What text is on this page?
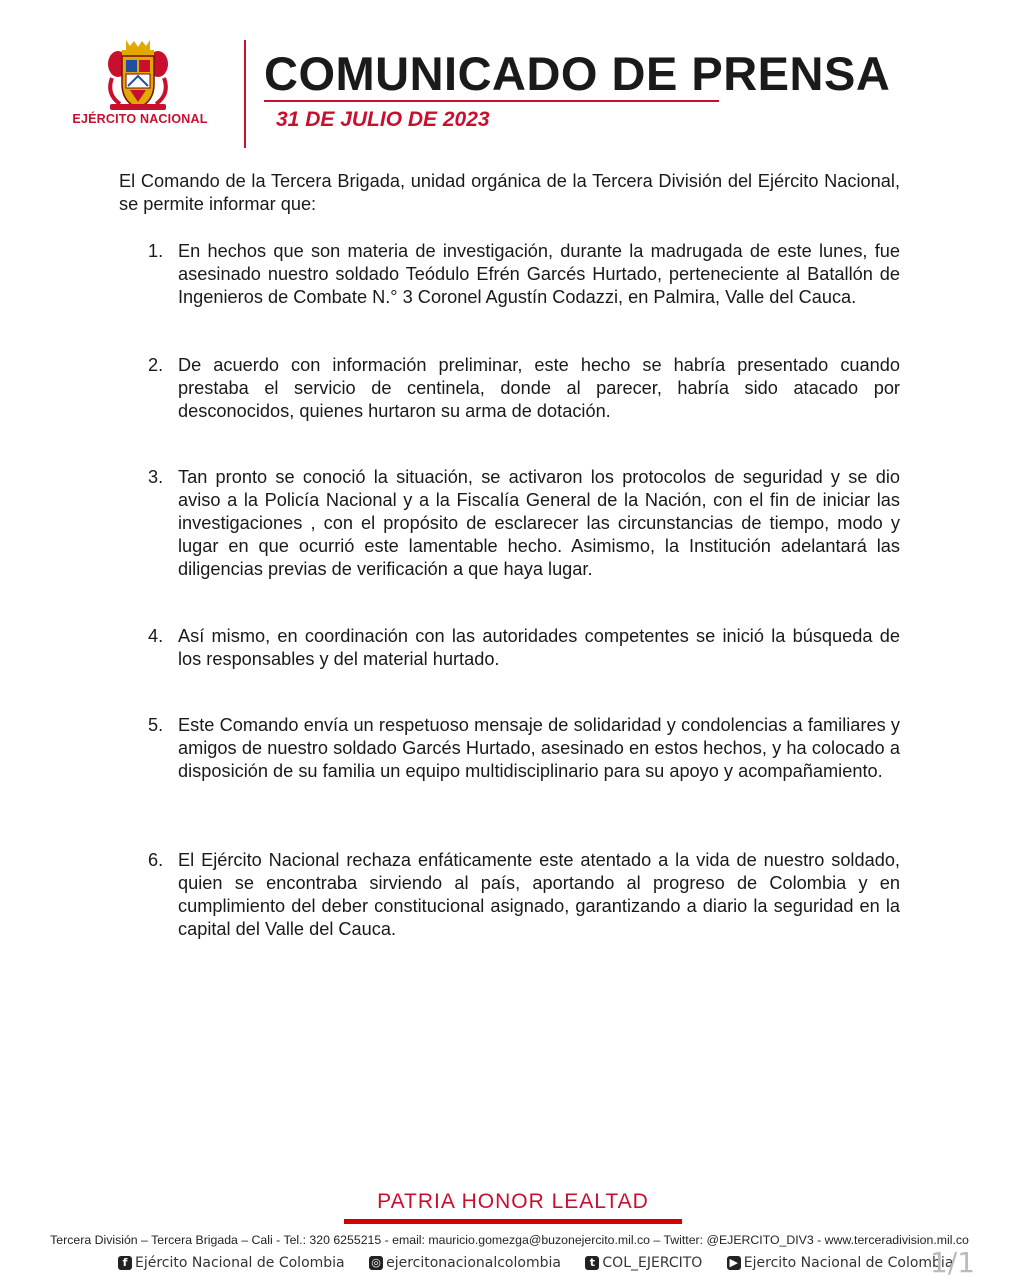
EJÉRCITO NACIONAL
COMUNICADO DE PRENSA
31 DE JULIO DE 2023

El Comando de la Tercera Brigada, unidad orgánica de la Tercera División del Ejército Nacional, se permite informar que:

1. En hechos que son materia de investigación, durante la madrugada de este lunes, fue asesinado nuestro soldado Teódulo Efrén Garcés Hurtado, perteneciente al Batallón de Ingenieros de Combate N.° 3 Coronel Agustín Codazzi, en Palmira, Valle del Cauca.
2. De acuerdo con información preliminar, este hecho se habría presentado cuando prestaba el servicio de centinela, donde al parecer, habría sido atacado por desconocidos, quienes hurtaron su arma de dotación.
3. Tan pronto se conoció la situación, se activaron los protocolos de seguridad y se dio aviso a la Policía Nacional y a la Fiscalía General de la Nación, con el fin de iniciar las investigaciones , con el propósito de esclarecer las circunstancias de tiempo, modo y lugar en que ocurrió este lamentable hecho. Asimismo, la Institución adelantará las diligencias previas de verificación a que haya lugar.
4. Así mismo, en coordinación con las autoridades competentes se inició la búsqueda de los responsables y del material hurtado.
5. Este Comando envía un respetuoso mensaje de solidaridad y condolencias a familiares y amigos de nuestro soldado Garcés Hurtado, asesinado en estos hechos, y ha colocado a disposición de su familia un equipo multidisciplinario para su apoyo y acompañamiento.
6. El Ejército Nacional rechaza enfáticamente este atentado a la vida de nuestro soldado, quien se encontraba sirviendo al país, aportando al progreso de Colombia y en cumplimiento del deber constitucional asignado, garantizando a diario la seguridad en la capital del Valle del Cauca.
PATRIA HONOR LEALTAD
Tercera División – Tercera Brigada – Cali - Tel.: 320 6255215 - email: mauricio.gomezga@buzonejercito.mil.co – Twitter: @EJERCITO_DIV3 - www.terceradivision.mil.co
f Ejército Nacional de Colombia
◎ ejercitonacionalcolombia
	t COL_EJERCITO
▶ Ejercito Nacional de Colombia
1/1
